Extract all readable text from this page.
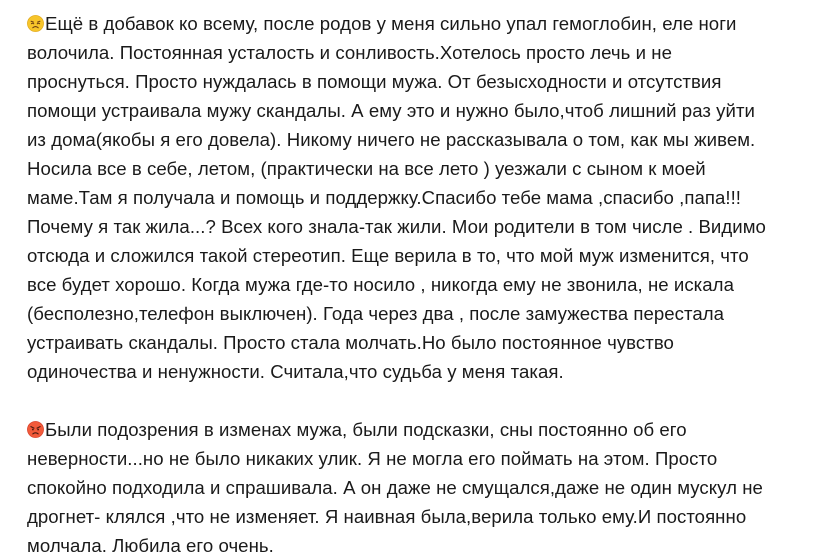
Ещё в добавок ко всему, после родов у меня сильно упал гемоглобин, еле ноги
волочила. Постоянная усталость и сонливость.Хотелось просто лечь и не
проснуться. Просто нуждалась в помощи мужа. От безысходности и отсутствия
помощи устраивала мужу скандалы. А ему это и нужно было,чтоб лишний раз уйти
из дома(якобы я его довела). Никому ничего не рассказывала о том, как мы живем.
Носила все в себе, летом, (практически на все лето ) уезжали с сыном к моей
маме.Там я получала и помощь и поддержку.Спасибо тебе мама ,спасибо ,папа!!!
Почему я так жила...? Всех кого знала-так жили. Мои родители в том числе . Видимо
отсюда и сложился такой стереотип. Еще верила в то, что мой муж изменится, что
все будет хорошо. Когда мужа где-то носило , никогда ему не звонила, не искала
(бесполезно,телефон выключен). Года через два , после замужества перестала
устраивать скандалы. Просто стала молчать.Но было постоянное чувство
одиночества и ненужности. Считала,что судьба у меня такая.

Были подозрения в изменах мужа, были подсказки, сны постоянно об его
неверности...но не было никаких улик. Я не могла его поймать на этом. Просто
спокойно подходила и спрашивала. А он даже не смущался,даже не один мускул не
дрогнет- клялся ,что не изменяет. Я наивная была,верила только ему.И постоянно
молчала. Любила его очень.
